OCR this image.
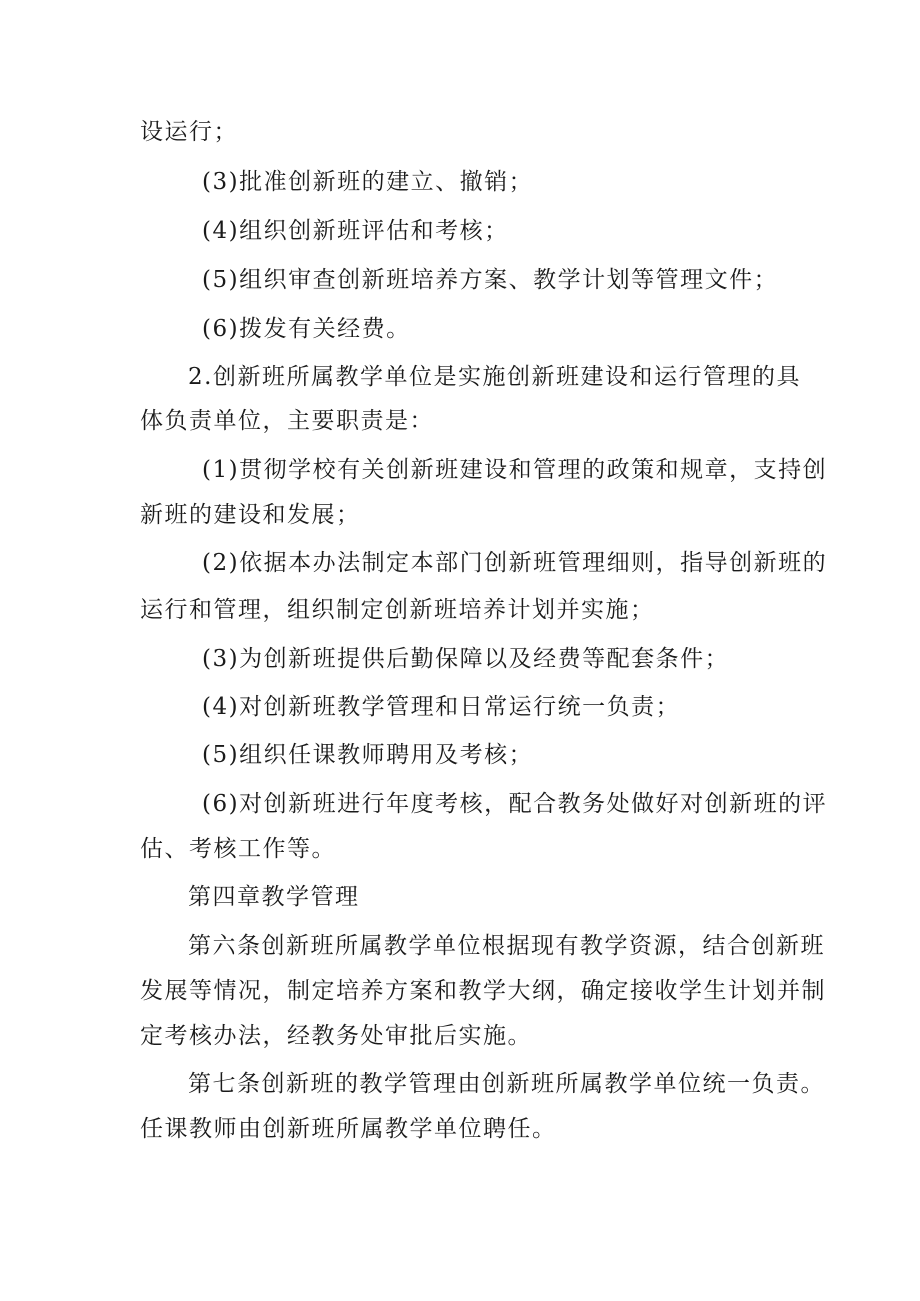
设运行；
(3)批准创新班的建立、撤销；
(4)组织创新班评估和考核；
(5)组织审查创新班培养方案、教学计划等管理文件；
(6)拨发有关经费。
2.创新班所属教学单位是实施创新班建设和运行管理的具
体负责单位，主要职责是：
(1)贯彻学校有关创新班建设和管理的政策和规章，支持创
新班的建设和发展；
(2)依据本办法制定本部门创新班管理细则，指导创新班的
运行和管理，组织制定创新班培养计划并实施；
(3)为创新班提供后勤保障以及经费等配套条件；
(4)对创新班教学管理和日常运行统一负责；
(5)组织任课教师聘用及考核；
(6)对创新班进行年度考核，配合教务处做好对创新班的评
估、考核工作等。
第四章教学管理
第六条创新班所属教学单位根据现有教学资源，结合创新班
发展等情况，制定培养方案和教学大纲，确定接收学生计划并制
定考核办法，经教务处审批后实施。
第七条创新班的教学管理由创新班所属教学单位统一负责。
任课教师由创新班所属教学单位聘任。
